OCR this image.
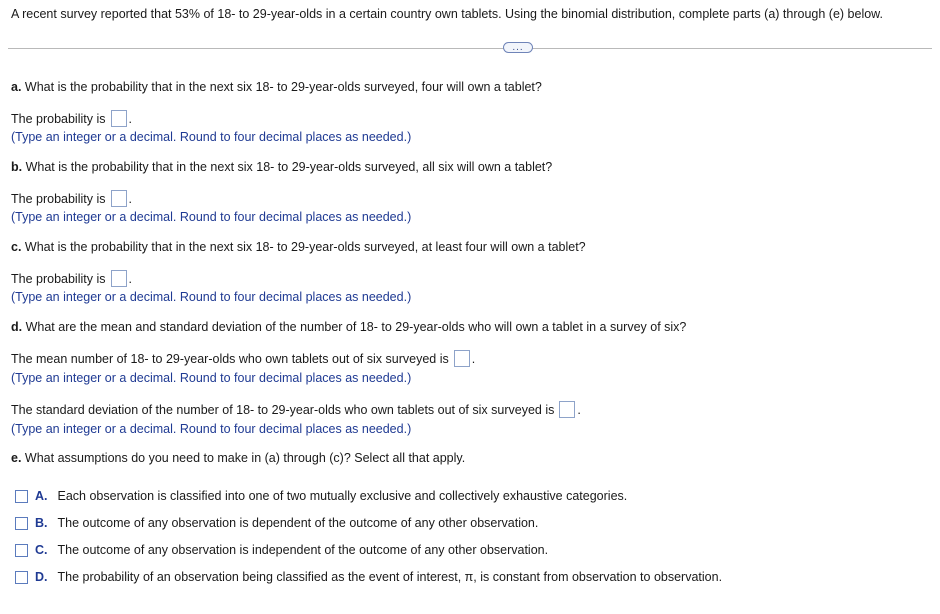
A recent survey reported that 53% of 18- to 29-year-olds in a certain country own tablets. Using the binomial distribution, complete parts (a) through (e) below.
...
a. What is the probability that in the next six 18- to 29-year-olds surveyed, four will own a tablet?
The probability is .
(Type an integer or a decimal. Round to four decimal places as needed.)
b. What is the probability that in the next six 18- to 29-year-olds surveyed, all six will own a tablet?
The probability is .
(Type an integer or a decimal. Round to four decimal places as needed.)
c. What is the probability that in the next six 18- to 29-year-olds surveyed, at least four will own a tablet?
The probability is .
(Type an integer or a decimal. Round to four decimal places as needed.)
d. What are the mean and standard deviation of the number of 18- to 29-year-olds who will own a tablet in a survey of six?
The mean number of 18- to 29-year-olds who own tablets out of six surveyed is .
(Type an integer or a decimal. Round to four decimal places as needed.)
The standard deviation of the number of 18- to 29-year-olds who own tablets out of six surveyed is .
(Type an integer or a decimal. Round to four decimal places as needed.)
e. What assumptions do you need to make in (a) through (c)? Select all that apply.
A. Each observation is classified into one of two mutually exclusive and collectively exhaustive categories.
B. The outcome of any observation is dependent of the outcome of any other observation.
C. The outcome of any observation is independent of the outcome of any other observation.
D. The probability of an observation being classified as the event of interest, π, is constant from observation to observation.
